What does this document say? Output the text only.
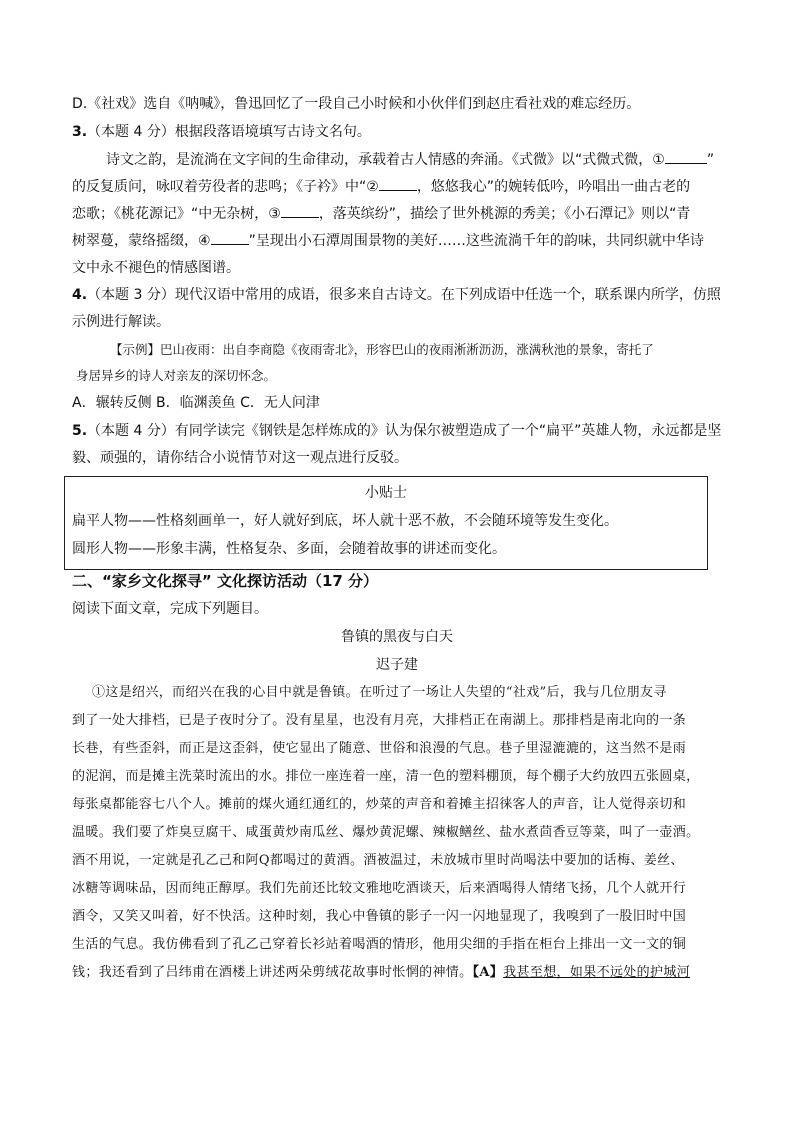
D.《社戏》选自《呐喊》，鲁迅回忆了一段自己小时候和小伙伴们到赵庄看社戏的难忘经历。
3.（本题 4 分）根据段落语境填写古诗文名句。
诗文之韵，是流淌在文字间的生命律动，承载着古人情感的奔涌。《式微》以“式微式微，①	”
的反复质问，咏叹着劳役者的悲鸣；《子衿》中“②	，悠悠我心”的婉转低吟，吟唱出一曲古老的
恋歌；《桃花源记》“中无杂树，③	，落英缤纷”，描绘了世外桃源的秀美；《小石潭记》则以“青
树翠蔓，蒙络摇缀，④	”呈现出小石潭周围景物的美好……这些流淌千年的韵味，共同织就中华诗
文中永不褪色的情感图谱。
4.（本题 3 分）现代汉语中常用的成语，很多来自古诗文。在下列成语中任选一个，联系课内所学，仿照
示例进行解读。
【示例】巴山夜雨：出自李商隐《夜雨寄北》，形容巴山的夜雨淅淅沥沥，涨满秋池的景象，寄托了
身居异乡的诗人对亲友的深切怀念。
A．辗转反侧 B．临渊羡鱼 C．无人问津
5.（本题 4 分）有同学读完《钢铁是怎样炼成的》认为保尔被塑造成了一个“扁平”英雄人物，永远都是坚
毅、顽强的，请你结合小说情节对这一观点进行反驳。
小贴士
扁平人物——性格刻画单一，好人就好到底，坏人就十恶不赦，不会随环境等发生变化。
圆形人物——形象丰满，性格复杂、多面，会随着故事的讲述而变化。
二、“家乡文化探寻” 文化探访活动（17 分）
阅读下面文章，完成下列题目。
鲁镇的黑夜与白天
迟子建
①这是绍兴，而绍兴在我的心目中就是鲁镇。在听过了一场让人失望的“社戏”后，我与几位朋友寻
到了一处大排档，已是子夜时分了。没有星星，也没有月亮，大排档正在南湖上。那排档是南北向的一条
长巷，有些歪斜，而正是这歪斜，使它显出了随意、世俗和浪漫的气息。巷子里湿漉漉的，这当然不是雨
的泥润，而是摊主洗菜时流出的水。排位一座连着一座，清一色的塑料棚顶，每个棚子大约放四五张圆桌，
每张桌都能容七八个人。摊前的煤火通红通红的，炒菜的声音和着摊主招徕客人的声音，让人觉得亲切和
温暖。我们要了炸臭豆腐干、咸蛋黄炒南瓜丝、爆炒黄泥螺、辣椒鳝丝、盐水煮茴香豆等菜，叫了一壶酒。
酒不用说，一定就是孔乙己和阿Q都喝过的黄酒。酒被温过，未放城市里时尚喝法中要加的话梅、姜丝、
冰糖等调味品，因而纯正醇厚。我们先前还比较文雅地吃酒谈天，后来酒喝得人情绪飞扬，几个人就开行
酒令，又笑又叫着，好不快活。这种时刻，我心中鲁镇的影子一闪一闪地显现了，我嗅到了一股旧时中国
生活的气息。我仿佛看到了孔乙己穿着长衫站着喝酒的情形，他用尖细的手指在柜台上排出一文一文的铜
钱；我还看到了吕纬甫在酒楼上讲述两朵剪绒花故事时怅惘的神情。【A】我甚至想，如果不远处的护城河
